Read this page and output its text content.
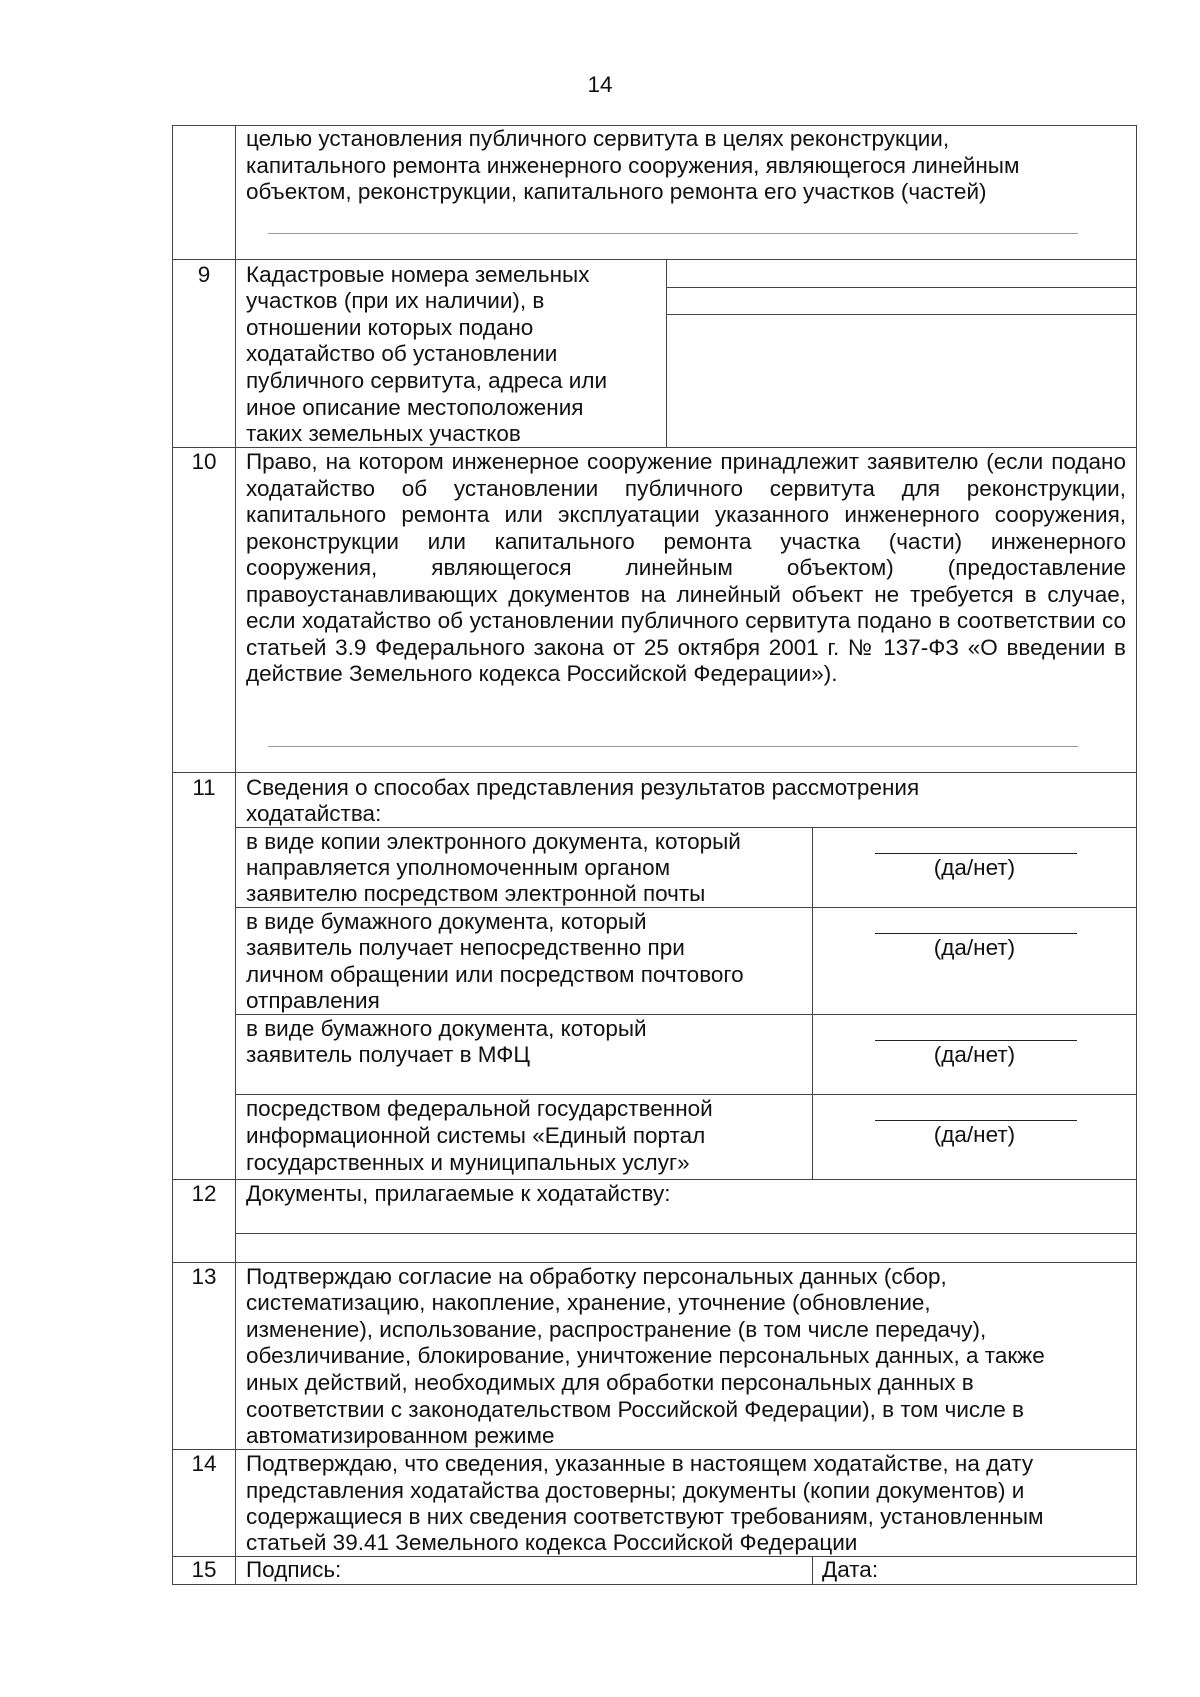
14
целью установления публичного сервитута в целях реконструкции,
капитального ремонта инженерного сооружения, являющегося линейным
объектом, реконструкции, капитального ремонта его участков (частей)
9	Кадастровые номера земельных
участков (при их наличии), в
отношении которых подано
ходатайство об установлении
публичного сервитута, адреса или
иное описание местоположения
таких земельных участков
10	Право, на котором инженерное сооружение принадлежит заявителю (если подано ходатайство об установлении публичного сервитута для реконструкции, капитального ремонта или эксплуатации указанного инженерного сооружения, реконструкции или капитального ремонта участка (части) инженерного сооружения, являющегося линейным объектом) (предоставление правоустанавливающих документов на линейный объект не требуется в случае, если ходатайство об установлении публичного сервитута подано в соответствии со статьей 3.9 Федерального закона от 25 октября 2001 г. № 137-ФЗ «О введении в действие Земельного кодекса Российской Федерации»).
11	Сведения о способах представления результатов рассмотрения
ходатайства:
в виде копии электронного документа, который
направляется уполномоченным органом
заявителю посредством электронной почты
(да/нет)
в виде бумажного документа, который
заявитель получает непосредственно при
личном обращении или посредством почтового
отправления
(да/нет)
в виде бумажного документа, который
заявитель получает в МФЦ	(да/нет)
посредством федеральной государственной
информационной системы «Единый портал
государственных и муниципальных услуг»
(да/нет)
12	Документы, прилагаемые к ходатайству:
13	Подтверждаю согласие на обработку персональных данных (сбор,
систематизацию, накопление, хранение, уточнение (обновление,
изменение), использование, распространение (в том числе передачу),
обезличивание, блокирование, уничтожение персональных данных, а также
иных действий, необходимых для обработки персональных данных в
соответствии с законодательством Российской Федерации), в том числе в
автоматизированном режиме
14	Подтверждаю, что сведения, указанные в настоящем ходатайстве, на дату
представления ходатайства достоверны; документы (копии документов) и
содержащиеся в них сведения соответствуют требованиям, установленным
статьей 39.41 Земельного кодекса Российской Федерации
15	Подпись:	Дата:
